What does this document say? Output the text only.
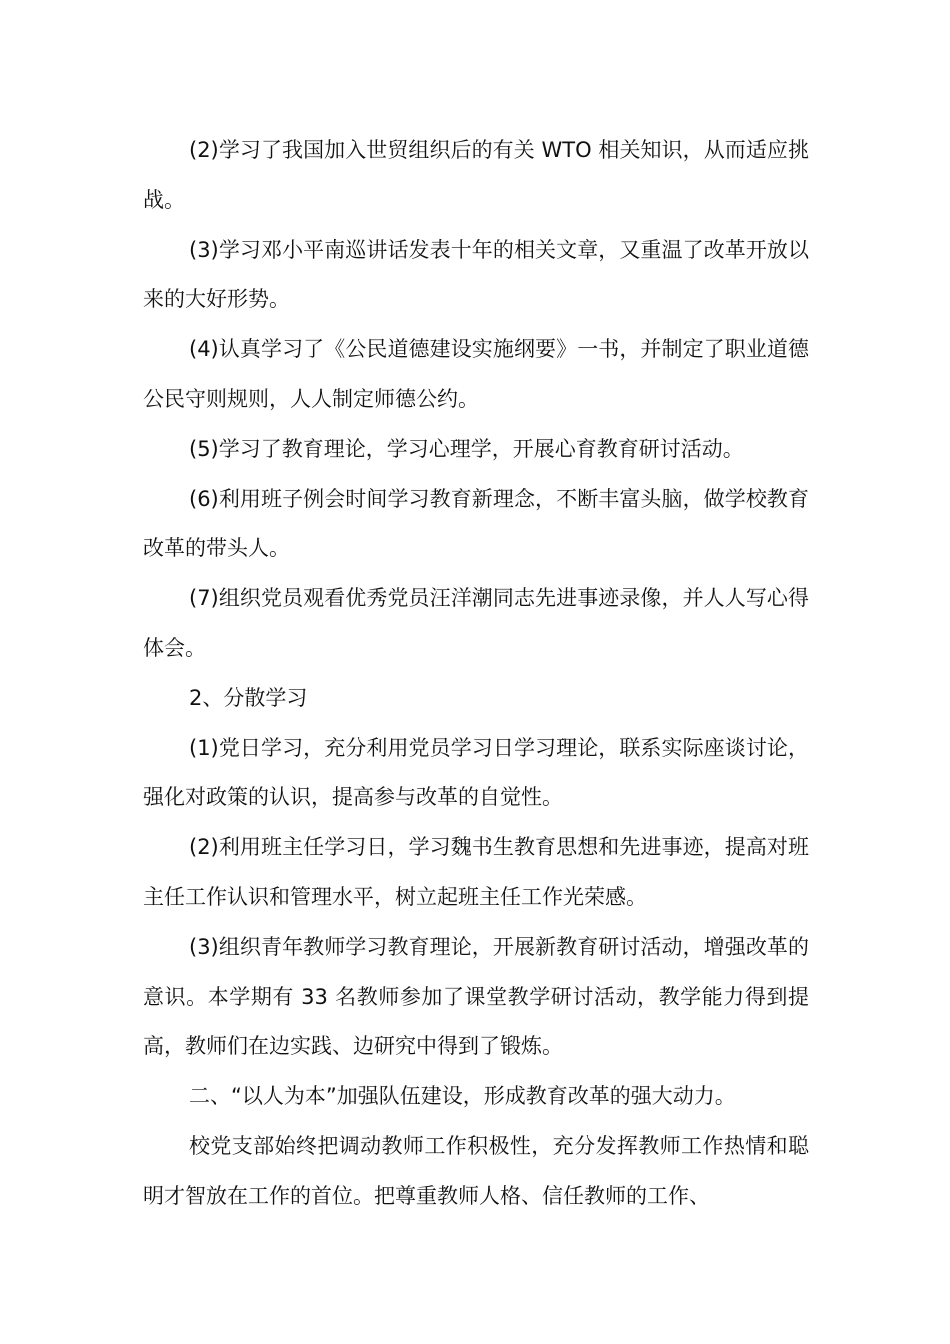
(2)学习了我国加入世贸组织后的有关 WTO 相关知识，从而适应挑战。

(3)学习邓小平南巡讲话发表十年的相关文章，又重温了改革开放以来的大好形势。

(4)认真学习了《公民道德建设实施纲要》一书，并制定了职业道德公民守则规则，人人制定师德公约。

(5)学习了教育理论，学习心理学，开展心育教育研讨活动。

(6)利用班子例会时间学习教育新理念，不断丰富头脑，做学校教育改革的带头人。

(7)组织党员观看优秀党员汪洋潮同志先进事迹录像，并人人写心得体会。

2、分散学习

(1)党日学习，充分利用党员学习日学习理论，联系实际座谈讨论，强化对政策的认识，提高参与改革的自觉性。

(2)利用班主任学习日，学习魏书生教育思想和先进事迹，提高对班主任工作认识和管理水平，树立起班主任工作光荣感。

(3)组织青年教师学习教育理论，开展新教育研讨活动，增强改革的意识。本学期有 33 名教师参加了课堂教学研讨活动，教学能力得到提高，教师们在边实践、边研究中得到了锻炼。

二、“以人为本”加强队伍建设，形成教育改革的强大动力。

校党支部始终把调动教师工作积极性，充分发挥教师工作热情和聪明才智放在工作的首位。把尊重教师人格、信任教师的工作、
